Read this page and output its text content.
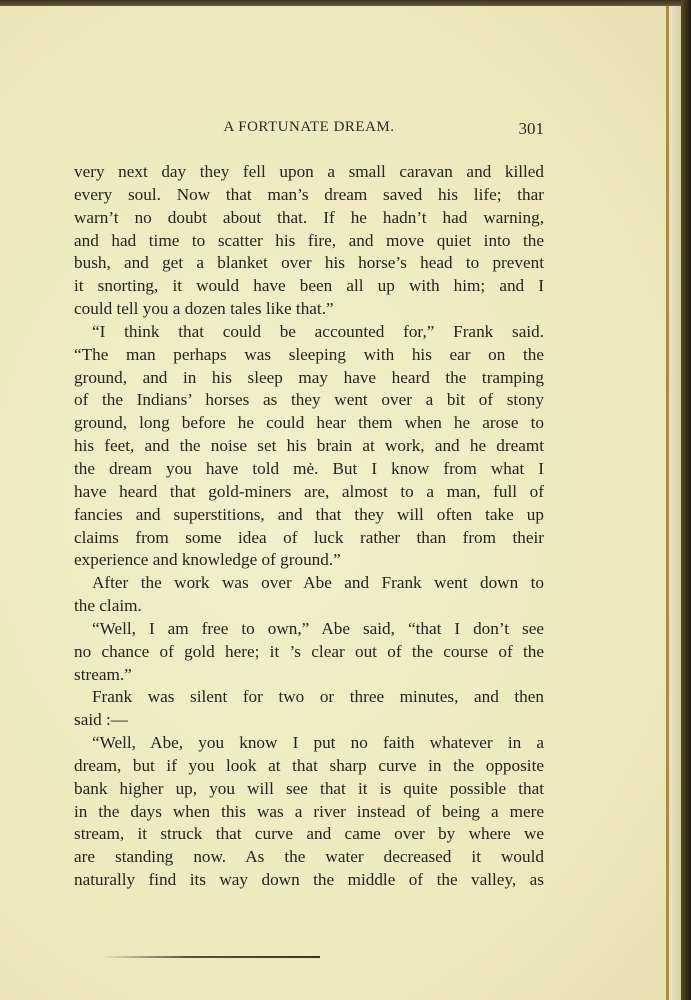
A FORTUNATE DREAM.	301
very next day they fell upon a small caravan and killed
every soul. Now that man’s dream saved his life; thar
warn’t no doubt about that. If he hadn’t had warning,
and had time to scatter his fire, and move quiet into the
bush, and get a blanket over his horse’s head to prevent
it snorting, it would have been all up with him; and I
could tell you a dozen tales like that.”
“I think that could be accounted for,” Frank said.
“The man perhaps was sleeping with his ear on the
ground, and in his sleep may have heard the tramping
of the Indians’ horses as they went over a bit of stony
ground, long before he could hear them when he arose to
his feet, and the noise set his brain at work, and he dreamt
the dream you have told mė. But I know from what I
have heard that gold-miners are, almost to a man, full of
fancies and superstitions, and that they will often take up
claims from some idea of luck rather than from their
experience and knowledge of ground.”
After the work was over Abe and Frank went down to
the claim.
“Well, I am free to own,” Abe said, “that I don’t see
no chance of gold here; it ’s clear out of the course of the
stream.”
Frank was silent for two or three minutes, and then
said :—
“Well, Abe, you know I put no faith whatever in a
dream, but if you look at that sharp curve in the opposite
bank higher up, you will see that it is quite possible that
in the days when this was a river instead of being a mere
stream, it struck that curve and came over by where we
are standing now. As the water decreased it would
naturally find its way down the middle of the valley, as
